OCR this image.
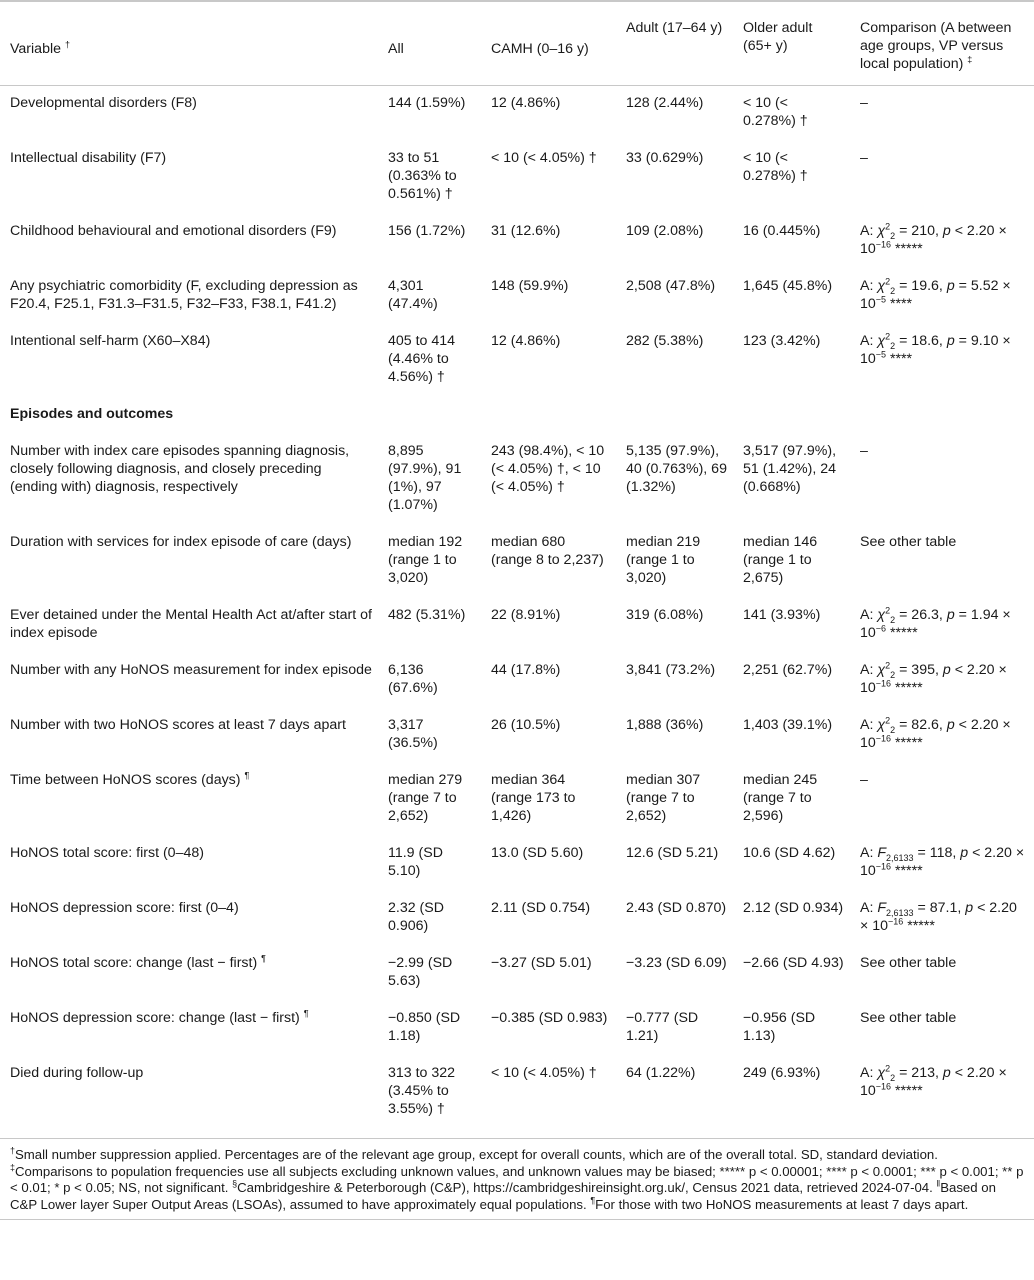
Variable †	All	CAMH (0–16 y)	Adult (17–64 y)	Older adult (65+ y)	Comparison (A between age groups, VP versus local population) ‡
Developmental disorders (F8)	144 (1.59%)	12 (4.86%)	128 (2.44%)	< 10 (< 0.278%) †	–
Intellectual disability (F7)	33 to 51 (0.363% to 0.561%) †	< 10 (< 4.05%) †	33 (0.629%)	< 10 (< 0.278%) †	–
Childhood behavioural and emotional disorders (F9)	156 (1.72%)	31 (12.6%)	109 (2.08%)	16 (0.445%)	A: $\chi^2_2 = 210$, $p < 2.20 \times 10^{-16}$ *****
Any psychiatric comorbidity (F, excluding depression as F20.4, F25.1, F31.3–F31.5, F32–F33, F38.1, F41.2)	4,301 (47.4%)	148 (59.9%)	2,508 (47.8%)	1,645 (45.8%)	A: $\chi^2_2 = 19.6$, $p = 5.52 \times 10^{-5}$ ****
Intentional self-harm (X60–X84)	405 to 414 (4.46% to 4.56%) †	12 (4.86%)	282 (5.38%)	123 (3.42%)	A: $\chi^2_2 = 18.6$, $p = 9.10 \times 10^{-5}$ ****
Episodes and outcomes					
Number with index care episodes spanning diagnosis, closely following diagnosis, and closely preceding (ending with) diagnosis, respectively	8,895 (97.9%), 91 (1%), 97 (1.07%)	243 (98.4%), < 10 (< 4.05%) †, < 10 (< 4.05%) †	5,135 (97.9%), 40 (0.763%), 69 (1.32%)	3,517 (97.9%), 51 (1.42%), 24 (0.668%)	–
Duration with services for index episode of care (days)	median 192 (range 1 to 3,020)	median 680 (range 8 to 2,237)	median 219 (range 1 to 3,020)	median 146 (range 1 to 2,675)	See other table
Ever detained under the Mental Health Act at/after start of index episode	482 (5.31%)	22 (8.91%)	319 (6.08%)	141 (3.93%)	A: $\chi^2_2 = 26.3$, $p = 1.94 \times 10^{-6}$ *****
Number with any HoNOS measurement for index episode	6,136 (67.6%)	44 (17.8%)	3,841 (73.2%)	2,251 (62.7%)	A: $\chi^2_2 = 395$, $p < 2.20 \times 10^{-16}$ *****
Number with two HoNOS scores at least 7 days apart	3,317 (36.5%)	26 (10.5%)	1,888 (36%)	1,403 (39.1%)	A: $\chi^2_2 = 82.6$, $p < 2.20 \times 10^{-16}$ *****
Time between HoNOS scores (days) ¶	median 279 (range 7 to 2,652)	median 364 (range 173 to 1,426)	median 307 (range 7 to 2,652)	median 245 (range 7 to 2,596)	–
HoNOS total score: first (0–48)	11.9 (SD 5.10)	13.0 (SD 5.60)	12.6 (SD 5.21)	10.6 (SD 4.62)	A: $F_{2,6133} = 118$, $p < 2.20 \times 10^{-16}$ *****
HoNOS depression score: first (0–4)	2.32 (SD 0.906)	2.11 (SD 0.754)	2.43 (SD 0.870)	2.12 (SD 0.934)	A: $F_{2,6133} = 87.1$, $p < 2.20 \times 10^{-16}$ *****
HoNOS total score: change (last − first) ¶	−2.99 (SD 5.63)	−3.27 (SD 5.01)	−3.23 (SD 6.09)	−2.66 (SD 4.93)	See other table
HoNOS depression score: change (last − first) ¶	−0.850 (SD 1.18)	−0.385 (SD 0.983)	−0.777 (SD 1.21)	−0.956 (SD 1.13)	See other table
Died during follow-up	313 to 322 (3.45% to 3.55%) †	< 10 (< 4.05%) †	64 (1.22%)	249 (6.93%)	A: $\chi^2_2 = 213$, $p < 2.20 \times 10^{-16}$ *****
†Small number suppression applied. Percentages are of the relevant age group, except for overall counts, which are of the overall total. SD, standard deviation. ‡Comparisons to population frequencies use all subjects excluding unknown values, and unknown values may be biased; ***** p < 0.00001; **** p < 0.0001; *** p < 0.001; ** p < 0.01; * p < 0.05; NS, not significant. §Cambridgeshire & Peterborough (C&P), https://cambridgeshireinsight.org.uk/, Census 2021 data, retrieved 2024-07-04. $^ǁ$Based on C&P Lower layer Super Output Areas (LSOAs), assumed to have approximately equal populations. ¶For those with two HoNOS measurements at least 7 days apart.
